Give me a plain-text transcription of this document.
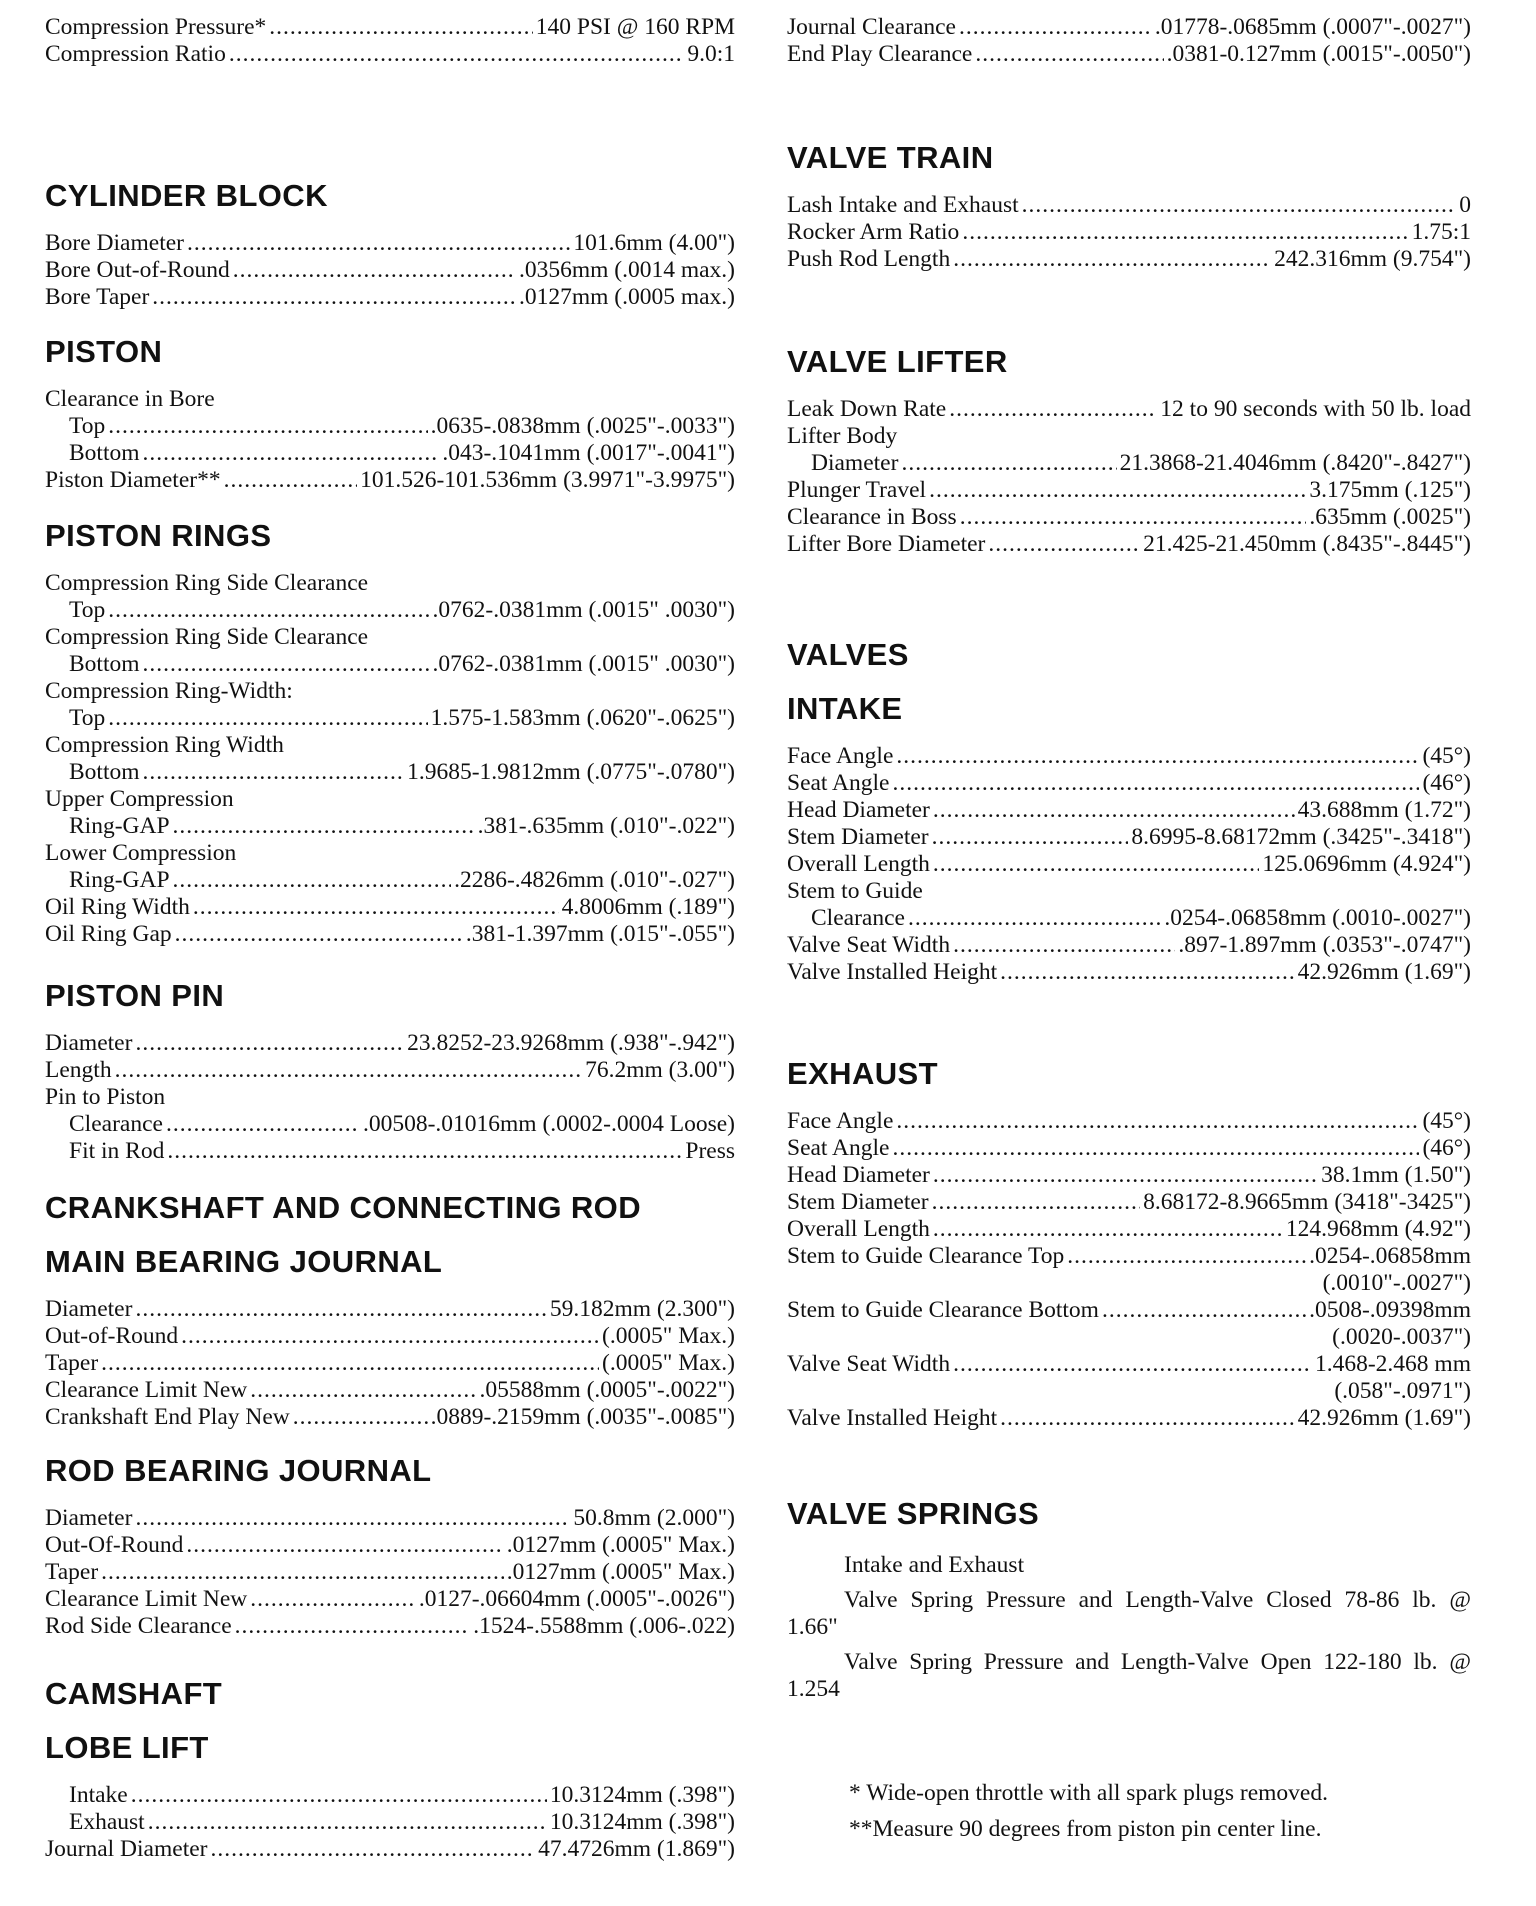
Compression Pressure* .....	140 PSI @ 160 RPM
Compression Ratio .....	9.0:1
CYLINDER BLOCK
Bore Diameter .....	101.6mm (4.00")
Bore Out-of-Round .....	.0356mm (.0014 max.)
Bore Taper .....	.0127mm (.0005 max.)
PISTON
Clearance in Bore
Top .....	.0635-.0838mm (.0025"-.0033")
Bottom .....	.043-.1041mm (.0017"-.0041")
Piston Diameter** .....	101.526-101.536mm (3.9971"-3.9975")
PISTON RINGS
Compression Ring Side Clearance
Top .....	.0762-.0381mm (.0015" .0030")
Compression Ring Side Clearance
Bottom .....	.0762-.0381mm (.0015" .0030")
Compression Ring-Width:
Top .....	1.575-1.583mm (.0620"-.0625")
Compression Ring Width
Bottom .....	1.9685-1.9812mm (.0775"-.0780")
Upper Compression
Ring-GAP .....	.381-.635mm (.010"-.022")
Lower Compression
Ring-GAP .....	.2286-.4826mm (.010"-.027")
Oil Ring Width .....	4.8006mm (.189")
Oil Ring Gap .....	.381-1.397mm (.015"-.055")
PISTON PIN
Diameter .....	23.8252-23.9268mm (.938"-.942")
Length .....	76.2mm (3.00")
Pin to Piston
Clearance .....	.00508-.01016mm (.0002-.0004 Loose)
Fit in Rod .....	Press
CRANKSHAFT AND CONNECTING ROD
MAIN BEARING JOURNAL
Diameter .....	59.182mm (2.300")
Out-of-Round .....	(.0005" Max.)
Taper .....	(.0005" Max.)
Clearance Limit New .....	.05588mm (.0005"-.0022")
Crankshaft End Play New .....	.0889-.2159mm (.0035"-.0085")
ROD BEARING JOURNAL
Diameter .....	50.8mm (2.000")
Out-Of-Round .....	.0127mm (.0005" Max.)
Taper .....	.0127mm (.0005" Max.)
Clearance Limit New .....	.0127-.06604mm (.0005"-.0026")
Rod Side Clearance .....	.1524-.5588mm (.006-.022)
CAMSHAFT
LOBE LIFT
Intake .....	10.3124mm (.398")
Exhaust .....	10.3124mm (.398")
Journal Diameter .....	47.4726mm (1.869")
Journal Clearance .....	.01778-.0685mm (.0007"-.0027")
End Play Clearance .....	.0381-0.127mm (.0015"-.0050")
VALVE TRAIN
Lash Intake and Exhaust .....	0
Rocker Arm Ratio .....	1.75:1
Push Rod Length .....	242.316mm (9.754")
VALVE LIFTER
Leak Down Rate .....	12 to 90 seconds with 50 lb. load
Lifter Body
Diameter .....	21.3868-21.4046mm (.8420"-.8427")
Plunger Travel .....	3.175mm (.125")
Clearance in Boss .....	.635mm (.0025")
Lifter Bore Diameter .....	21.425-21.450mm (.8435"-.8445")
VALVES
INTAKE
Face Angle .....	(45°)
Seat Angle .....	(46°)
Head Diameter .....	43.688mm (1.72")
Stem Diameter .....	8.6995-8.68172mm (.3425"-.3418")
Overall Length .....	125.0696mm (4.924")
Stem to Guide
Clearance .....	.0254-.06858mm (.0010-.0027")
Valve Seat Width .....	.897-1.897mm (.0353"-.0747")
Valve Installed Height .....	42.926mm (1.69")
EXHAUST
Face Angle .....	(45°)
Seat Angle .....	(46°)
Head Diameter .....	38.1mm (1.50")
Stem Diameter .....	8.68172-8.9665mm (3418"-3425")
Overall Length .....	124.968mm (4.92")
Stem to Guide Clearance Top .....	.0254-.06858mm
(.0010"-.0027")
Stem to Guide Clearance Bottom .....	.0508-.09398mm
(.0020-.0037")
Valve Seat Width .....	1.468-2.468 mm
(.058"-.0971")
Valve Installed Height .....	42.926mm (1.69")
VALVE SPRINGS
Intake and Exhaust
Valve Spring Pressure and Length-Valve Closed 78-86 lb. @ 1.66"
Valve Spring Pressure and Length-Valve Open 122-180 lb. @ 1.254
* Wide-open throttle with all spark plugs removed.
**Measure 90 degrees from piston pin center line.
